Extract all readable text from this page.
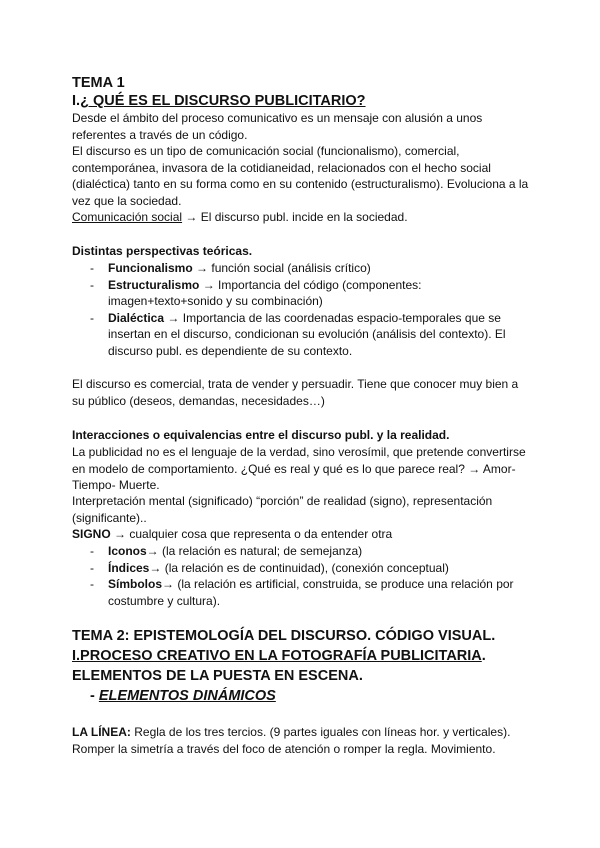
TEMA 1
I.¿ QUÉ ES EL DISCURSO PUBLICITARIO?
Desde el ámbito del proceso comunicativo es un mensaje con alusión a unos referentes a través de un código.
El discurso es un tipo de comunicación social (funcionalismo), comercial, contemporánea, invasora de la cotidianeidad, relacionados con el hecho social (dialéctica) tanto en su forma como en su contenido (estructuralismo). Evoluciona a la vez que la sociedad.
Comunicación social → El discurso publ. incide en la sociedad.
Distintas perspectivas teóricas.
- Funcionalismo → función social (análisis crítico)
- Estructuralismo → Importancia del código (componentes: imagen+texto+sonido y su combinación)
- Dialéctica → Importancia de las coordenadas espacio-temporales que se insertan en el discurso, condicionan su evolución (análisis del contexto). El discurso publ. es dependiente de su contexto.
El discurso es comercial, trata de vender y persuadir. Tiene que conocer muy bien a su público (deseos, demandas, necesidades…)
Interacciones o equivalencias entre el discurso publ. y la realidad.
La publicidad no es el lenguaje de la verdad, sino verosímil, que pretende convertirse en modelo de comportamiento. ¿Qué es real y qué es lo que parece real? → Amor- Tiempo- Muerte.
Interpretación mental (significado) “porción” de realidad (signo), representación (significante)..
SIGNO → cualquier cosa que representa o da entender otra
- Iconos→ (la relación es natural; de semejanza)
- Índices→ (la relación es de continuidad), (conexión conceptual)
- Símbolos→ (la relación es artificial, construida, se produce una relación por costumbre y cultura).
TEMA 2: EPISTEMOLOGÍA DEL DISCURSO. CÓDIGO VISUAL.
I.PROCESO CREATIVO EN LA FOTOGRAFÍA PUBLICITARIA.
ELEMENTOS DE LA PUESTA EN ESCENA.
- ELEMENTOS DINÁMICOS
LA LÍNEA: Regla de los tres tercios. (9 partes iguales con líneas hor. y verticales). Romper la simetría a través del foco de atención o romper la regla. Movimiento.
